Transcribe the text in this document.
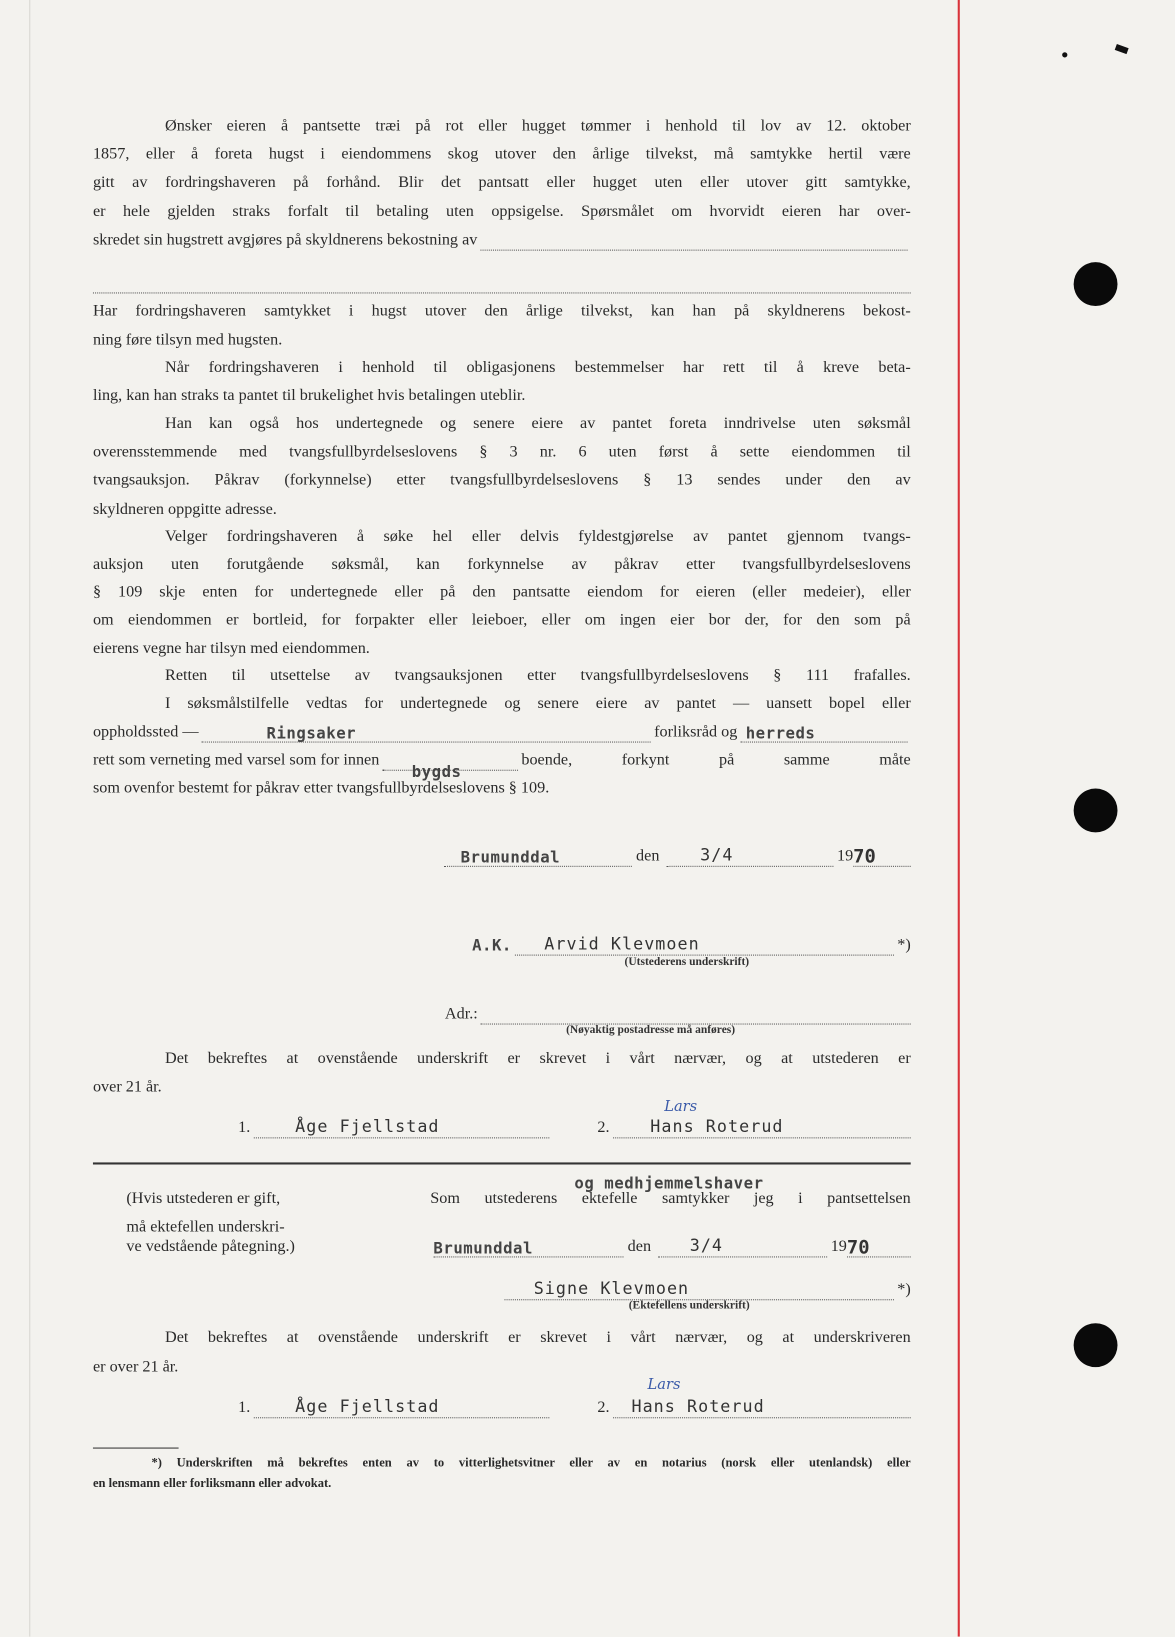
Ønsker eieren å pantsette træi på rot eller hugget tømmer i henhold til lov av 12. oktober
1857, eller å foreta hugst i eiendommens skog utover den årlige tilvekst, må samtykke hertil være
gitt av fordringshaveren på forhånd. Blir det pantsatt eller hugget uten eller utover gitt samtykke,
er hele gjelden straks forfalt til betaling uten oppsigelse. Spørsmålet om hvorvidt eieren har over-
skredet sin hugstrett avgjøres på skyldnerens bekostning av
Har fordringshaveren samtykket i hugst utover den årlige tilvekst, kan han på skyldnerens bekost-
ning føre tilsyn med hugsten.
Når fordringshaveren i henhold til obligasjonens bestemmelser har rett til å kreve beta-
ling, kan han straks ta pantet til brukelighet hvis betalingen uteblir.
Han kan også hos undertegnede og senere eiere av pantet foreta inndrivelse uten søksmål
overensstemmende med tvangsfullbyrdelseslovens § 3 nr. 6 uten først å sette eiendommen til
tvangsauksjon. Påkrav (forkynnelse) etter tvangsfullbyrdelseslovens § 13 sendes under den av
skyldneren oppgitte adresse.
Velger fordringshaveren å søke hel eller delvis fyldestgjørelse av pantet gjennom tvangs-
auksjon uten forutgående søksmål, kan forkynnelse av påkrav etter tvangsfullbyrdelseslovens
§ 109 skje enten for undertegnede eller på den pantsatte eiendom for eieren (eller medeier), eller
om eiendommen er bortleid, for forpakter eller leieboer, eller om ingen eier bor der, for den som på
eierens vegne har tilsyn med eiendommen.
Retten til utsettelse av tvangsauksjonen etter tvangsfullbyrdelseslovens § 111 frafalles.
I søksmålstilfelle vedtas for undertegnede og senere eiere av pantet — uansett bopel eller
oppholdssted —	Ringsaker	forliksråd og herreds
rett som verneting med varsel som for innen
bygds
boende, forkynt på samme måte
som ovenfor bestemt for påkrav etter tvangsfullbyrdelseslovens § 109.
Brumunddal	den	3/4	19 70
A.K. Arvid Klevmoen	*)
(Utstederens underskrift)
Adr.:
(Nøyaktig postadresse må anføres)
Det bekreftes at ovenstående underskrift er skrevet i vårt nærvær, og at utstederen er
over 21 år.
1.	Åge Fjellstad	2.	Hans Roterud
Lars
(Hvis utstederen er gift,
må ektefellen underskri-
ve vedstående påtegning.)
og medhjemmelshaver
Som utstederens ektefelle samtykker jeg i pantsettelsen
Brumunddal	den 3/4	19 70
Signe Klevmoen	*)
(Ektefellens underskrift)
Det bekreftes at ovenstående underskrift er skrevet i vårt nærvær, og at underskriveren
er over 21 år.
1.	Åge Fjellstad	2. Hans Roterud
Lars
*) Underskriften må bekreftes enten av to vitterlighetsvitner eller av en notarius (norsk eller utenlandsk) eller
en lensmann eller forliksmann eller advokat.
